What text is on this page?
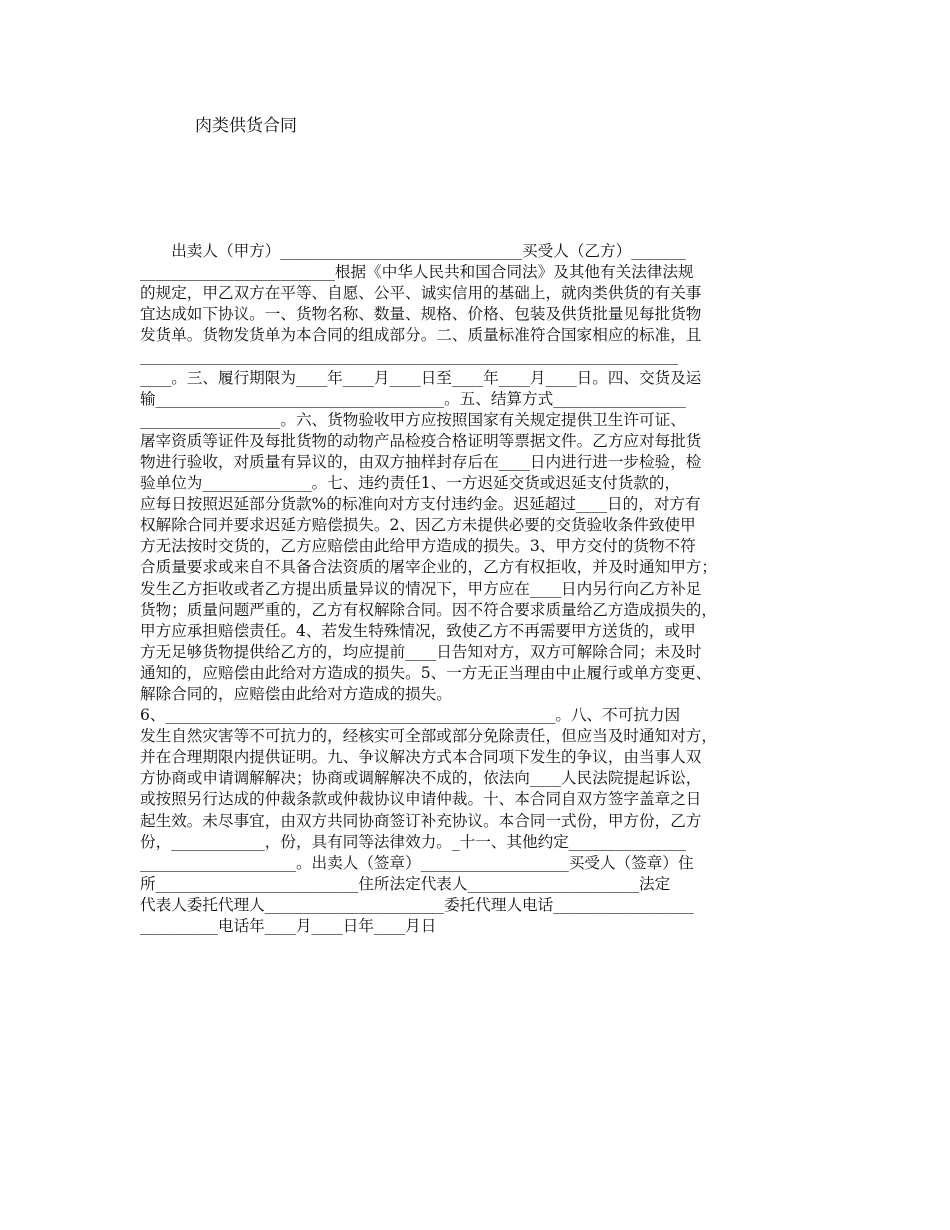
肉类供货合同
　　出卖人（甲方）_______________________________买受人（乙方）_______
_________________________根据《中华人民共和国合同法》及其他有关法律法规
的规定，甲乙双方在平等、自愿、公平、诚实信用的基础上，就肉类供货的有关事
宜达成如下协议。一、货物名称、数量、规格、价格、包装及供货批量见每批货物
发货单。货物发货单为本合同的组成部分。二、质量标准符合国家相应的标准，且
_____________________________________________________________________
____。三、履行期限为____年____月____日至____年____月____日。四、交货及运
输_____________________________________。五、结算方式_________________
__________________。六、货物验收甲方应按照国家有关规定提供卫生许可证、
屠宰资质等证件及每批货物的动物产品检疫合格证明等票据文件。乙方应对每批货
物进行验收，对质量有异议的，由双方抽样封存后在____日内进行进一步检验，检
验单位为______________。七、违约责任1、一方迟延交货或迟延支付货款的，
应每日按照迟延部分货款%的标准向对方支付违约金。迟延超过____日的，对方有
权解除合同并要求迟延方赔偿损失。2、因乙方未提供必要的交货验收条件致使甲
方无法按时交货的，乙方应赔偿由此给甲方造成的损失。3、甲方交付的货物不符
合质量要求或来自不具备合法资质的屠宰企业的，乙方有权拒收，并及时通知甲方；
发生乙方拒收或者乙方提出质量异议的情况下，甲方应在____日内另行向乙方补足
货物；质量问题严重的，乙方有权解除合同。因不符合要求质量给乙方造成损失的，
甲方应承担赔偿责任。4、若发生特殊情况，致使乙方不再需要甲方送货的，或甲
方无足够货物提供给乙方的，均应提前____日告知对方，双方可解除合同；未及时
通知的，应赔偿由此给对方造成的损失。5、一方无正当理由中止履行或单方变更、
解除合同的，应赔偿由此给对方造成的损失。
6、__________________________________________________。八、不可抗力因
发生自然灾害等不可抗力的，经核实可全部或部分免除责任，但应当及时通知对方，
并在合理期限内提供证明。九、争议解决方式本合同项下发生的争议，由当事人双
方协商或申请调解解决；协商或调解解决不成的，依法向____人民法院提起诉讼，
或按照另行达成的仲裁条款或仲裁协议申请仲裁。十、本合同自双方签字盖章之日
起生效。未尽事宜，由双方共同协商签订补充协议。本合同一式份，甲方份，乙方
份，____________，份，具有同等法律效力。_十一、其他约定_______________
____________________。出卖人（签章）___________________买受人（签章）住
所__________________________住所法定代表人______________________法定
代表人委托代理人_______________________委托代理人电话__________________
__________电话年____月____日年____月日
